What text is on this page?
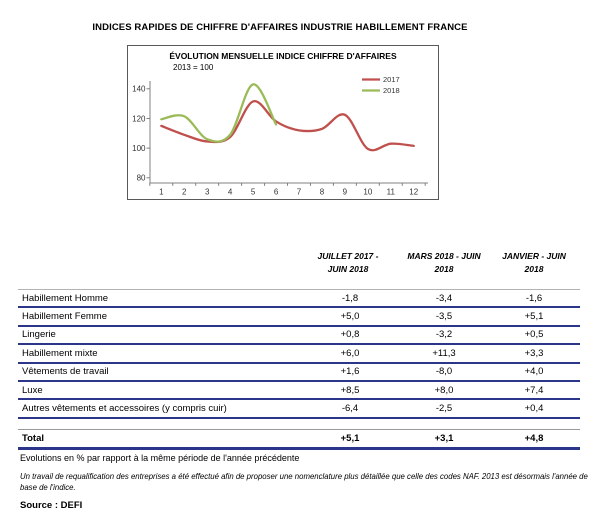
INDICES RAPIDES DE CHIFFRE D'AFFAIRES INDUSTRIE HABILLEMENT FRANCE
ÉVOLUTION MENSUELLE INDICE CHIFFRE D'AFFAIRES
2013 = 100
80
100
120
140
1 2 3 4 5 6 7 8 9 10 11 12
2017
2018
JUILLET 2017 -
JUIN 2018
MARS 2018 - JUIN
2018
JANVIER - JUIN
2018
Habillement Homme	-1,8	-3,4	-1,6
Habillement Femme	+5,0	-3,5	+5,1
Lingerie	+0,8	-3,2	+0,5
Habillement mixte	+6,0	+11,3	+3,3
Vêtements de travail	+1,6	-8,0	+4,0
Luxe	+8,5	+8,0	+7,4
Autres vêtements et accessoires (y compris cuir)	-6,4	-2,5	+0,4
Total	+5,1	+3,1	+4,8
Evolutions en % par rapport à la même période de l'année précédente
Un travail de requalification des entreprises a été effectué afin de proposer une nomenclature plus détaillée que celle des codes NAF. 2013 est désormais l'année de base de l'indice.
Source : DEFI
